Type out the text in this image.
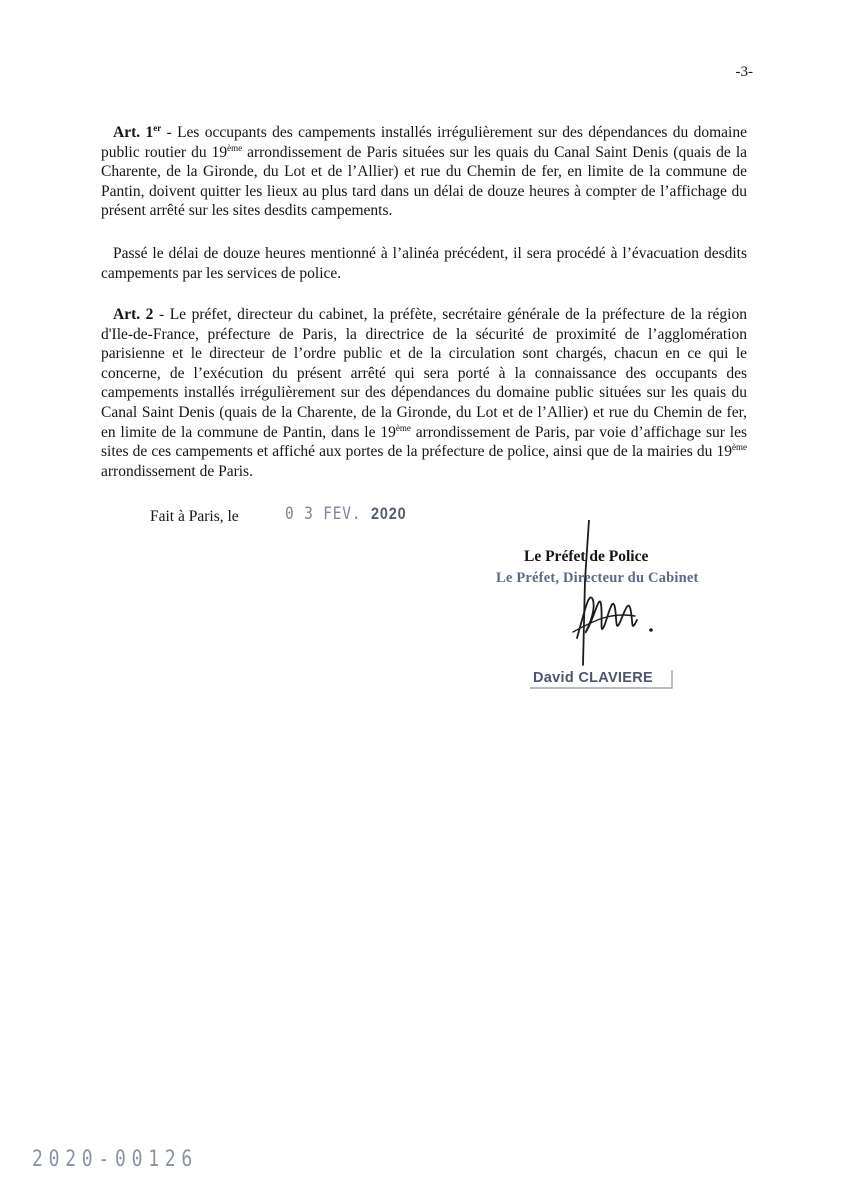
-3-

Art. 1er - Les occupants des campements installés irrégulièrement sur des dépendances du domaine public routier du 19ème arrondissement de Paris situées sur les quais du Canal Saint Denis (quais de la Charente, de la Gironde, du Lot et de l’Allier) et rue du Chemin de fer, en limite de la commune de Pantin, doivent quitter les lieux au plus tard dans un délai de douze heures à compter de l’affichage du présent arrêté sur les sites desdits campements.

Passé le délai de douze heures mentionné à l’alinéa précédent, il sera procédé à l’évacuation desdits campements par les services de police.

Art. 2 - Le préfet, directeur du cabinet, la préfète, secrétaire générale de la préfecture de la région d'Ile-de-France, préfecture de Paris, la directrice de la sécurité de proximité de l’agglomération parisienne et le directeur de l’ordre public et de la circulation sont chargés, chacun en ce qui le concerne, de l’exécution du présent arrêté qui sera porté à la connaissance des occupants des campements installés irrégulièrement sur des dépendances du domaine public situées sur les quais du Canal Saint Denis (quais de la Charente, de la Gironde, du Lot et de l’Allier) et rue du Chemin de fer, en limite de la commune de Pantin, dans le 19ème arrondissement de Paris, par voie d’affichage sur les sites de ces campements et affiché aux portes de la préfecture de police, ainsi que de la mairies du 19ème arrondissement de Paris.

Fait à Paris, le	0 3 FEV. 2020
Le Préfet de Police
Le Préfet, Directeur du Cabinet
David CLAVIERE
2020-00126
